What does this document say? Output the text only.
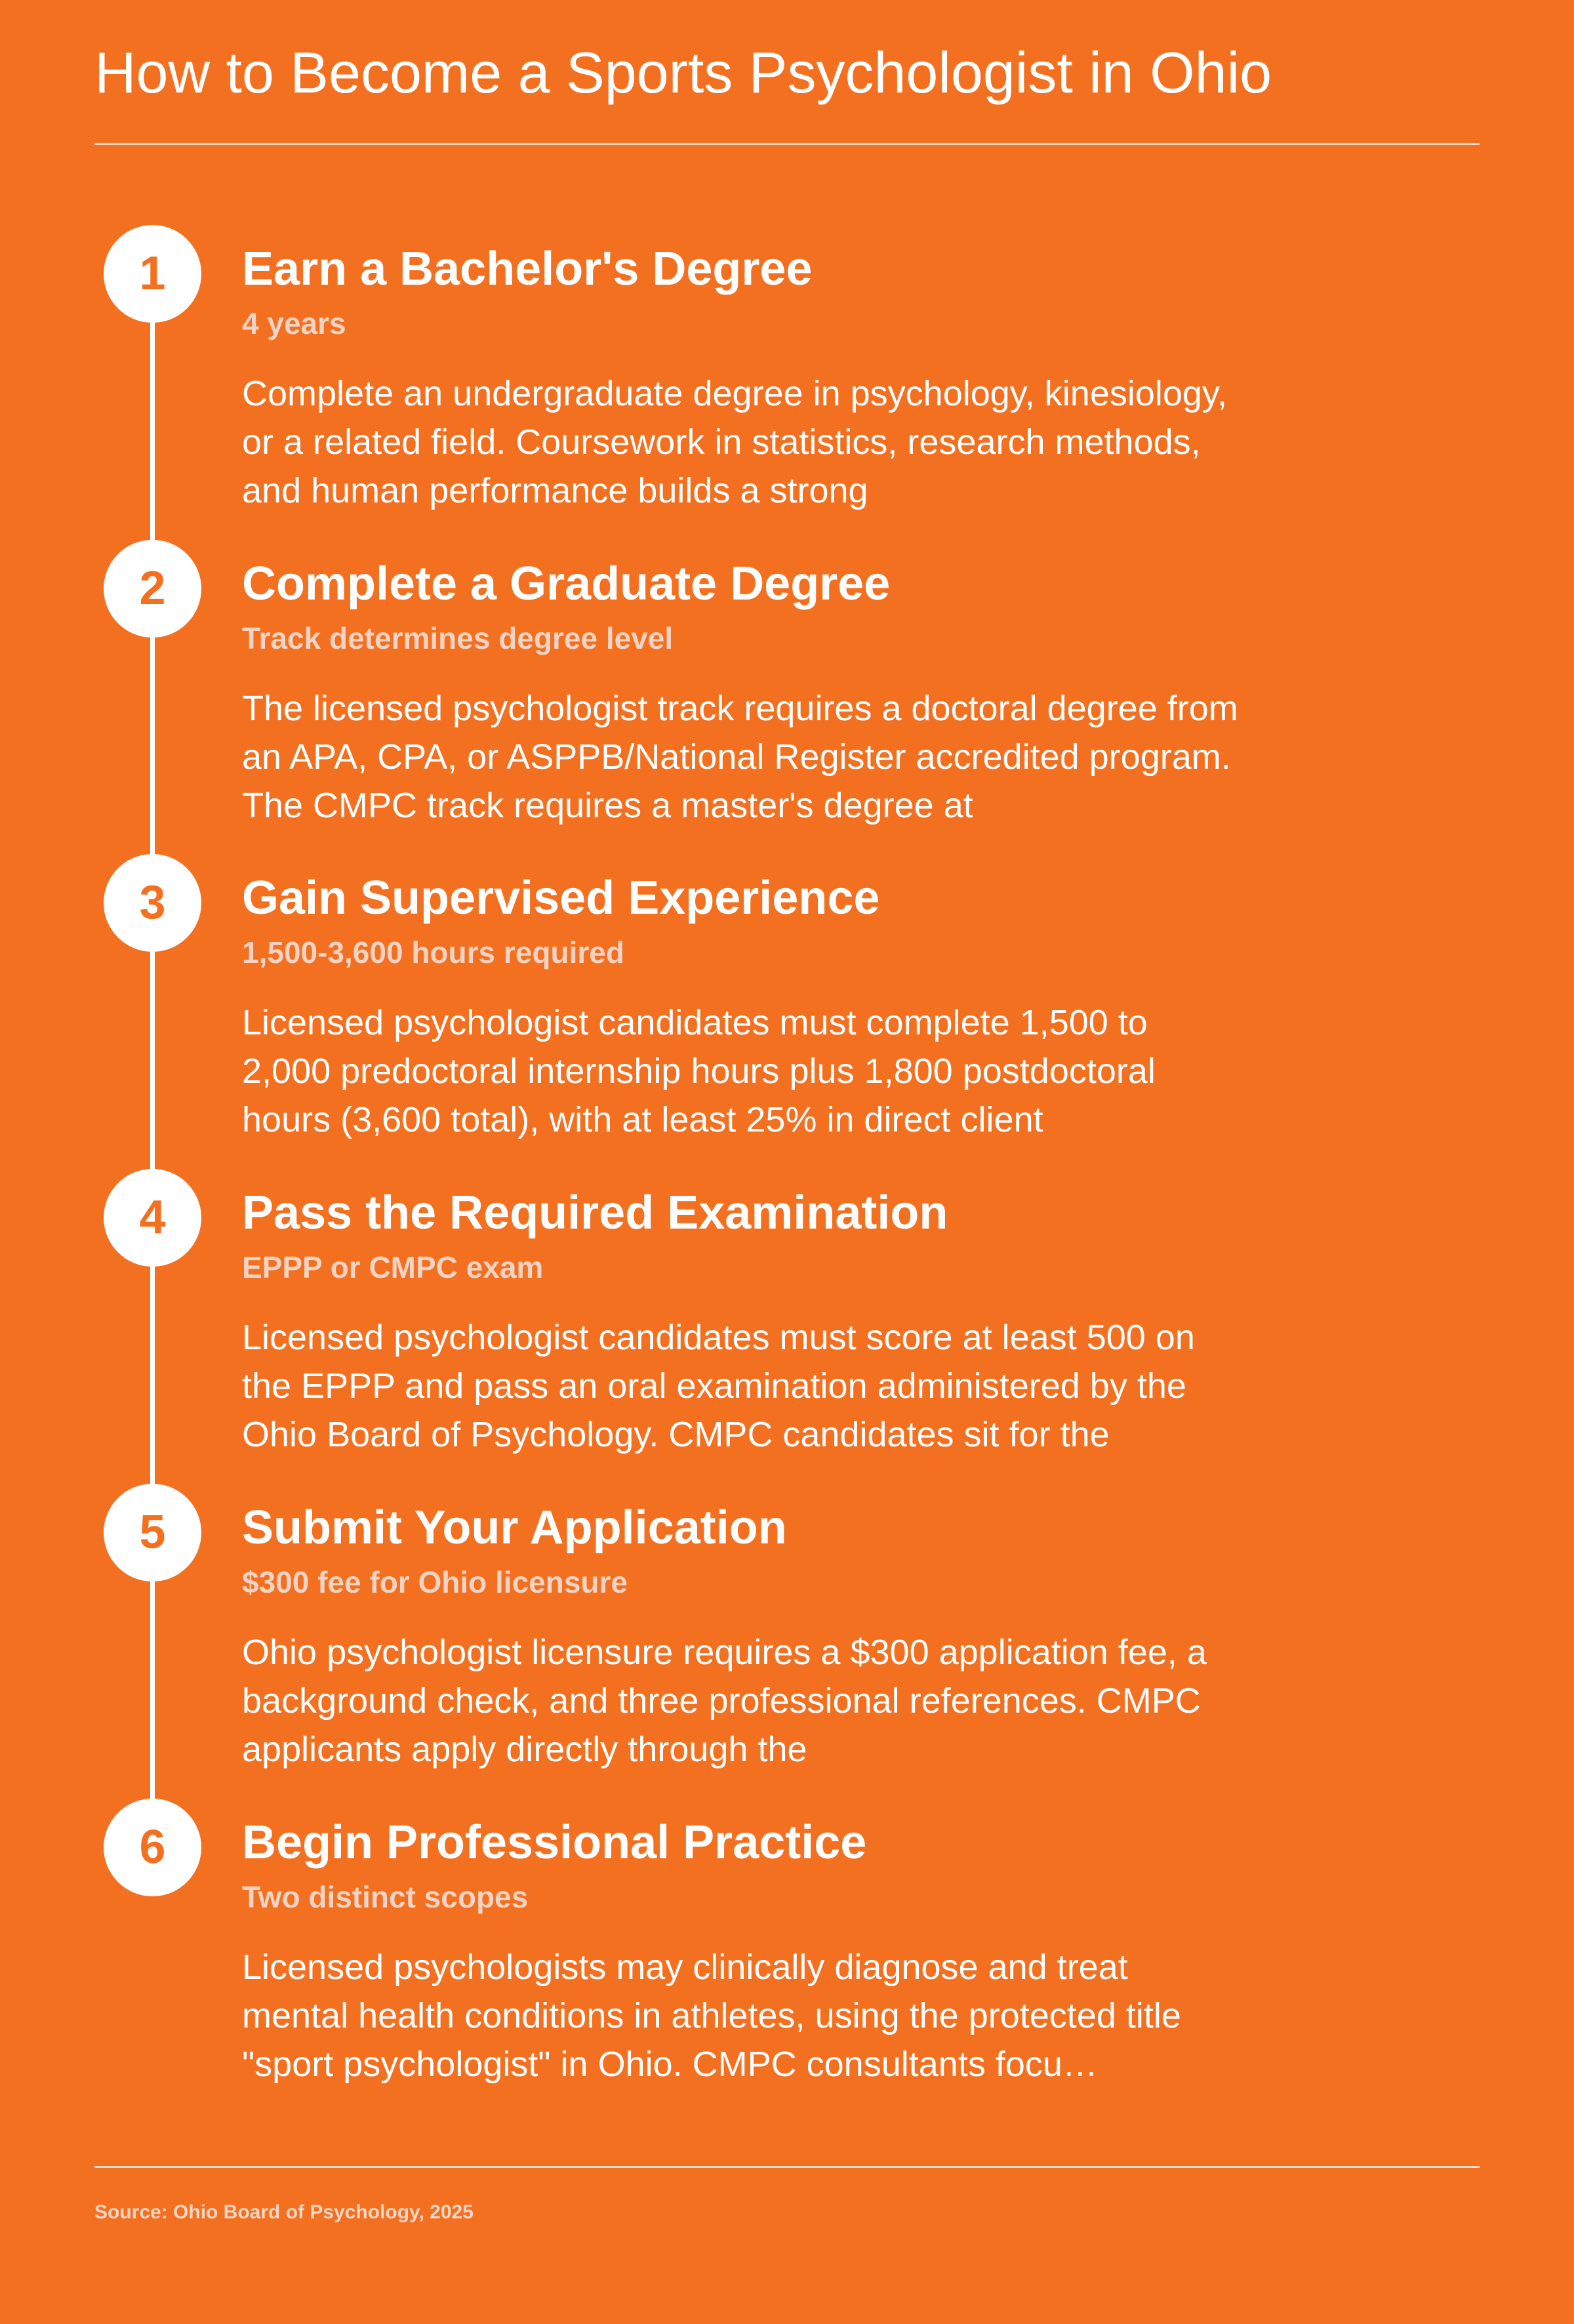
How to Become a Sports Psychologist in Ohio
1	Earn a Bachelor's Degree
4 years
Complete an undergraduate degree in psychology, kinesiology, or a related field. Coursework in statistics, research methods, and human performance builds a strong
2	Complete a Graduate Degree
Track determines degree level
The licensed psychologist track requires a doctoral degree from an APA, CPA, or ASPPB/National Register accredited program. The CMPC track requires a master's degree at
3	Gain Supervised Experience
1,500-3,600 hours required
Licensed psychologist candidates must complete 1,500 to 2,000 predoctoral internship hours plus 1,800 postdoctoral hours (3,600 total), with at least 25% in direct client
4	Pass the Required Examination
EPPP or CMPC exam
Licensed psychologist candidates must score at least 500 on the EPPP and pass an oral examination administered by the Ohio Board of Psychology. CMPC candidates sit for the
5	Submit Your Application
$300 fee for Ohio licensure
Ohio psychologist licensure requires a $300 application fee, a background check, and three professional references. CMPC applicants apply directly through the
6	Begin Professional Practice
Two distinct scopes
Licensed psychologists may clinically diagnose and treat mental health conditions in athletes, using the protected title "sport psychologist" in Ohio. CMPC consultants focu…
Source: Ohio Board of Psychology, 2025
